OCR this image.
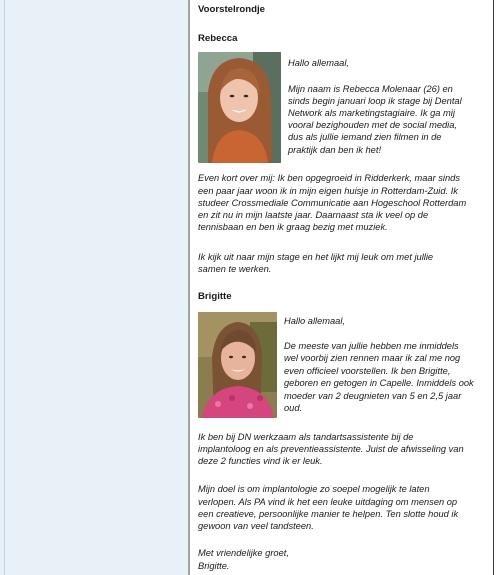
Voorstelrondje

Rebecca

Hallo allemaal,

Mijn naam is Rebecca Molenaar (26) en

sinds begin januari loop ik stage bij Dental

Network als marketingstagiaire. Ik ga mij

vooral bezighouden met de social media,

dus als jullie iemand zien filmen in de

praktijk dan ben ik het!

Even kort over mij: Ik ben opgegroeid in Ridderkerk, maar sinds

een paar jaar woon ik in mijn eigen huisje in Rotterdam-Zuid. Ik

studeer Crossmediale Communicatie aan Hogeschool Rotterdam

en zit nu in mijn laatste jaar. Daarnaast sta ik veel op de

tennisbaan en ben ik graag bezig met muziek.

Ik kijk uit naar mijn stage en het lijkt mij leuk om met jullie

samen te werken.

Brigitte

Hallo allemaal,

De meeste van jullie hebben me inmiddels

wel voorbij zien rennen maar ik zal me nog

even officieel voorstellen. Ik ben Brigitte,

geboren en getogen in Capelle. Inmiddels ook

moeder van 2 deugnieten van 5 en 2,5 jaar

oud.

Ik ben bij DN werkzaam als tandartsassistente bij de

implantoloog en als preventieassistente. Juist de afwisseling van

deze 2 functies vind ik er leuk.

Mijn doel is om implantologie zo soepel mogelijk te laten

verlopen. Als PA vind ik het een leuke uitdaging om mensen op

een creatieve, persoonlijke manier te helpen. Ten slotte houd ik

gewoon van veel tandsteen.

Met vriendelijke groet,

Brigitte.
